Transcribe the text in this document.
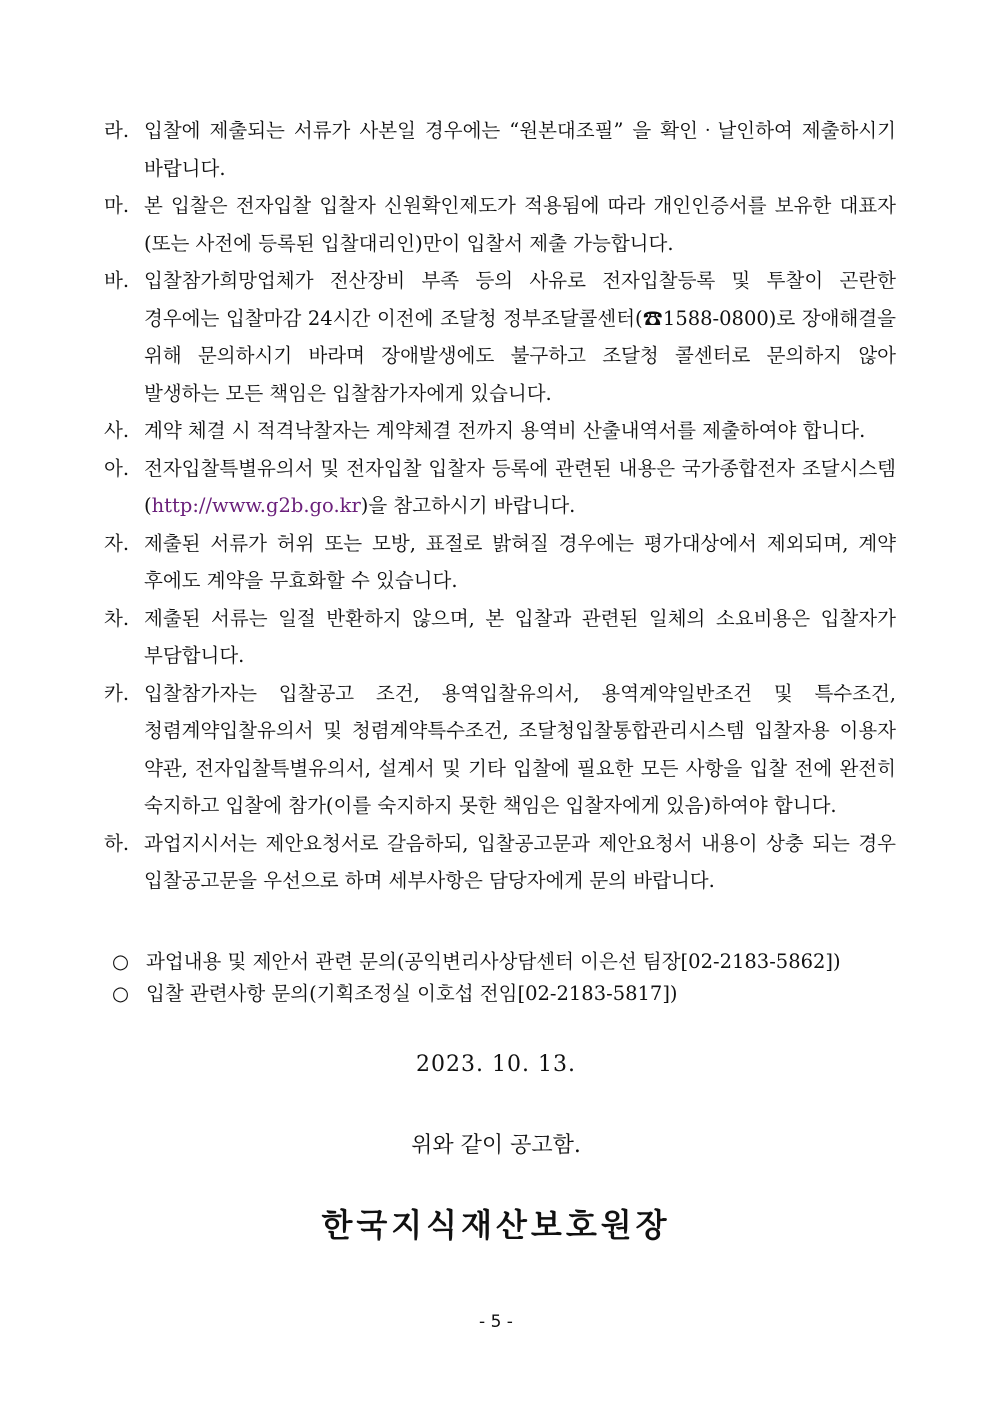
라. 입찰에 제출되는 서류가 사본일 경우에는 “원본대조필” 을 확인‧날인하여 제출하시기 바랍니다.
마. 본 입찰은 전자입찰 입찰자 신원확인제도가 적용됨에 따라 개인인증서를 보유한 대표자(또는 사전에 등록된 입찰대리인)만이 입찰서 제출 가능합니다.
바. 입찰참가희망업체가 전산장비 부족 등의 사유로 전자입찰등록 및 투찰이 곤란한 경우에는 입찰마감 24시간 이전에 조달청 정부조달콜센터(☎1588-0800)로 장애해결을 위해 문의하시기 바라며 장애발생에도 불구하고 조달청 콜센터로 문의하지 않아 발생하는 모든 책임은 입찰참가자에게 있습니다.
사. 계약 체결 시 적격낙찰자는 계약체결 전까지 용역비 산출내역서를 제출하여야 합니다.
아. 전자입찰특별유의서 및 전자입찰 입찰자 등록에 관련된 내용은 국가종합전자 조달시스템(http://www.g2b.go.kr)을 참고하시기 바랍니다.
자. 제출된 서류가 허위 또는 모방, 표절로 밝혀질 경우에는 평가대상에서 제외되며, 계약 후에도 계약을 무효화할 수 있습니다.
차. 제출된 서류는 일절 반환하지 않으며, 본 입찰과 관련된 일체의 소요비용은 입찰자가 부담합니다.
카. 입찰참가자는 입찰공고 조건, 용역입찰유의서, 용역계약일반조건 및 특수조건, 청렴계약입찰유의서 및 청렴계약특수조건, 조달청입찰통합관리시스템 입찰자용 이용자 약관, 전자입찰특별유의서, 설계서 및 기타 입찰에 필요한 모든 사항을 입찰 전에 완전히 숙지하고 입찰에 참가(이를 숙지하지 못한 책임은 입찰자에게 있음)하여야 합니다.
하. 과업지시서는 제안요청서로 갈음하되, 입찰공고문과 제안요청서 내용이 상충 되는 경우 입찰공고문을 우선으로 하며 세부사항은 담당자에게 문의 바랍니다.
○ 과업내용 및 제안서 관련 문의(공익변리사상담센터 이은선 팀장[02-2183-5862])
○ 입찰 관련사항 문의(기획조정실 이호섭 전임[02-2183-5817])
2023. 10. 13.
위와 같이 공고함.
한국지식재산보호원장
- 5 -
